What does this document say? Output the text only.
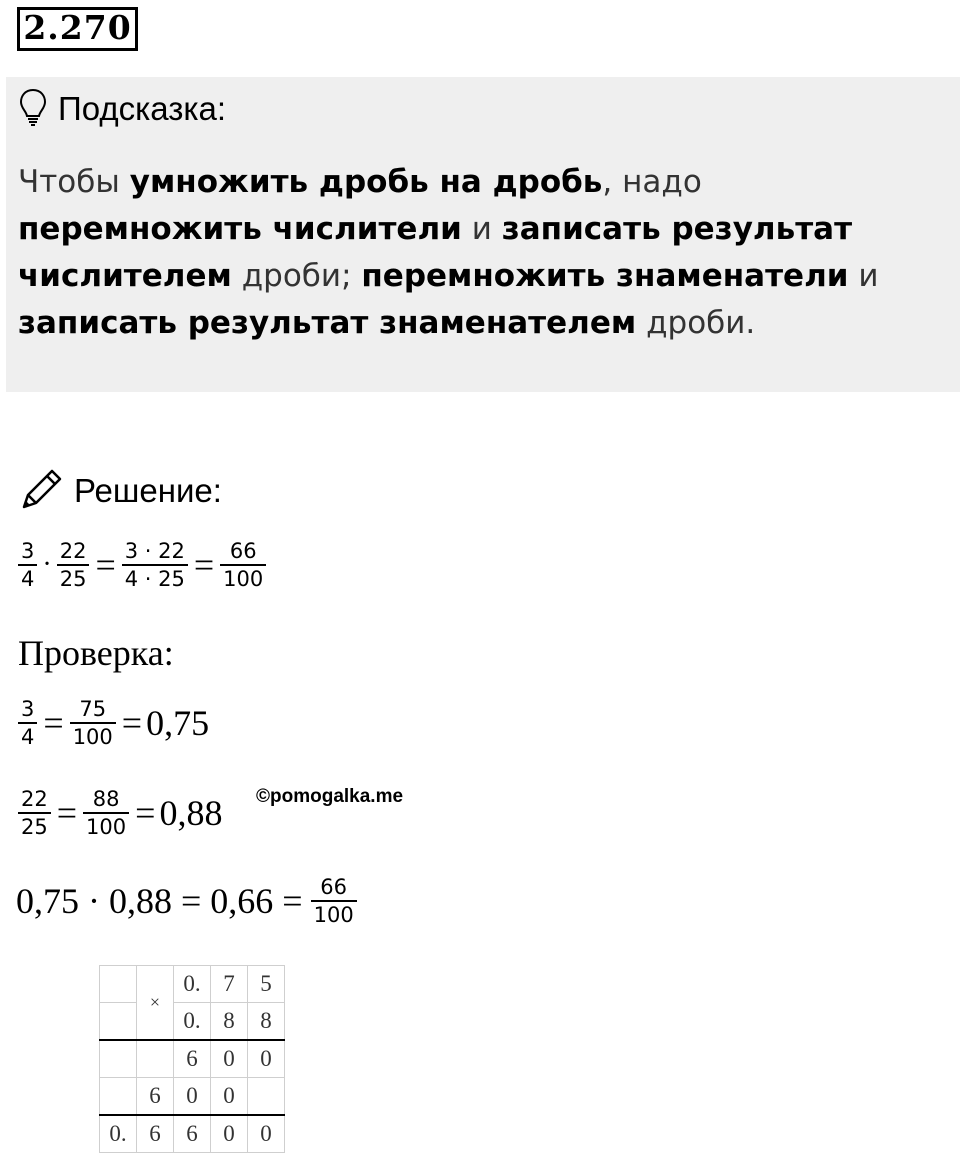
2.270
Подсказка:
Чтобы умножить дробь на дробь, надо перемножить числители и записать результат числителем дроби; перемножить знаменатели и записать результат знаменателем дроби.
Решение:
$\frac{3}{4} \cdot \frac{22}{25} = \frac{3 \cdot 22}{4 \cdot 25} = \frac{66}{100}$
Проверка:
$\frac{3}{4} = \frac{75}{100} = 0,75$
$\frac{22}{25} = \frac{88}{100} = 0,88$ ©pomogalka.me
$0,75 \cdot 0,88 = 0,66 = \frac{66}{100}$
	×	0.	7	5
		0.	8	8
		6	0	0
	6	0	0	
0.	6	6	0	0
